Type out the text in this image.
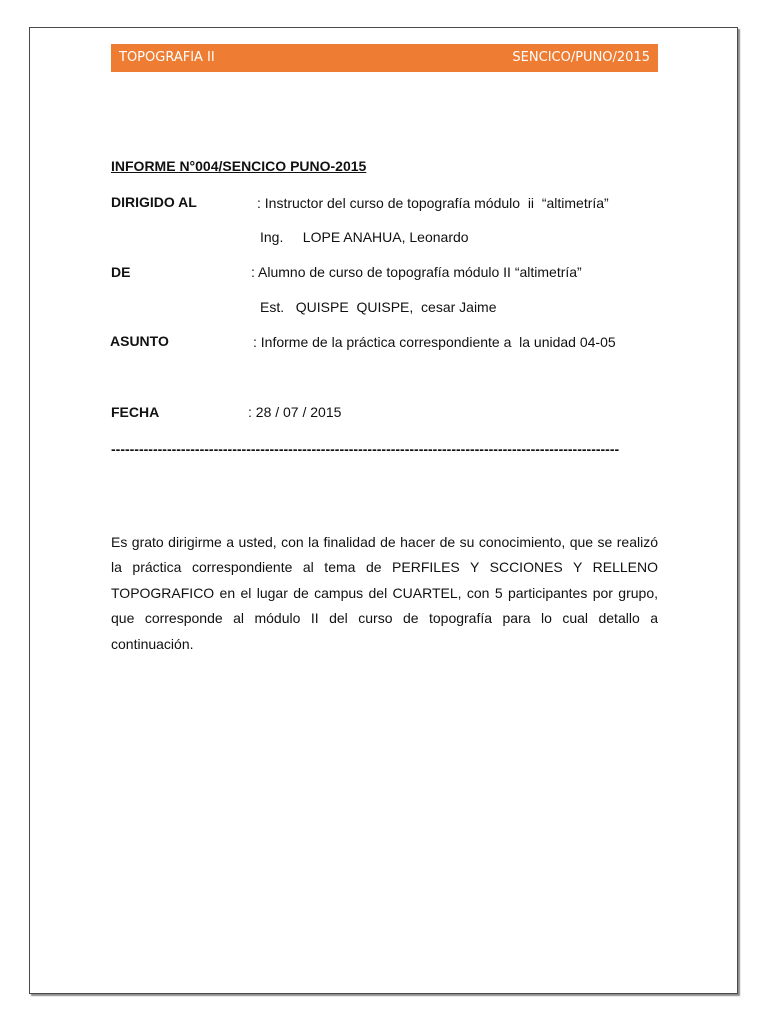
TOPOGRAFIA II	SENCICO/PUNO/2015
INFORME N°004/SENCICO PUNO-2015
DIRIGIDO AL	: Instructor del curso de topografía módulo  ii  “altimetría”
Ing.     LOPE ANAHUA, Leonardo
DE	: Alumno de curso de topografía módulo II “altimetría”
Est.   QUISPE  QUISPE,  cesar Jaime
ASUNTO	: Informe de la práctica correspondiente a  la unidad 04-05
FECHA	: 28 / 07 / 2015
-------------------------------------------------------------------------------------------------------------
Es grato dirigirme a usted, con la finalidad de hacer de su conocimiento, que se realizó la práctica correspondiente al tema de PERFILES Y SCCIONES Y RELLENO TOPOGRAFICO en el lugar de campus del CUARTEL, con 5 participantes por grupo, que corresponde al módulo II del curso de topografía para lo cual detallo a continuación.
